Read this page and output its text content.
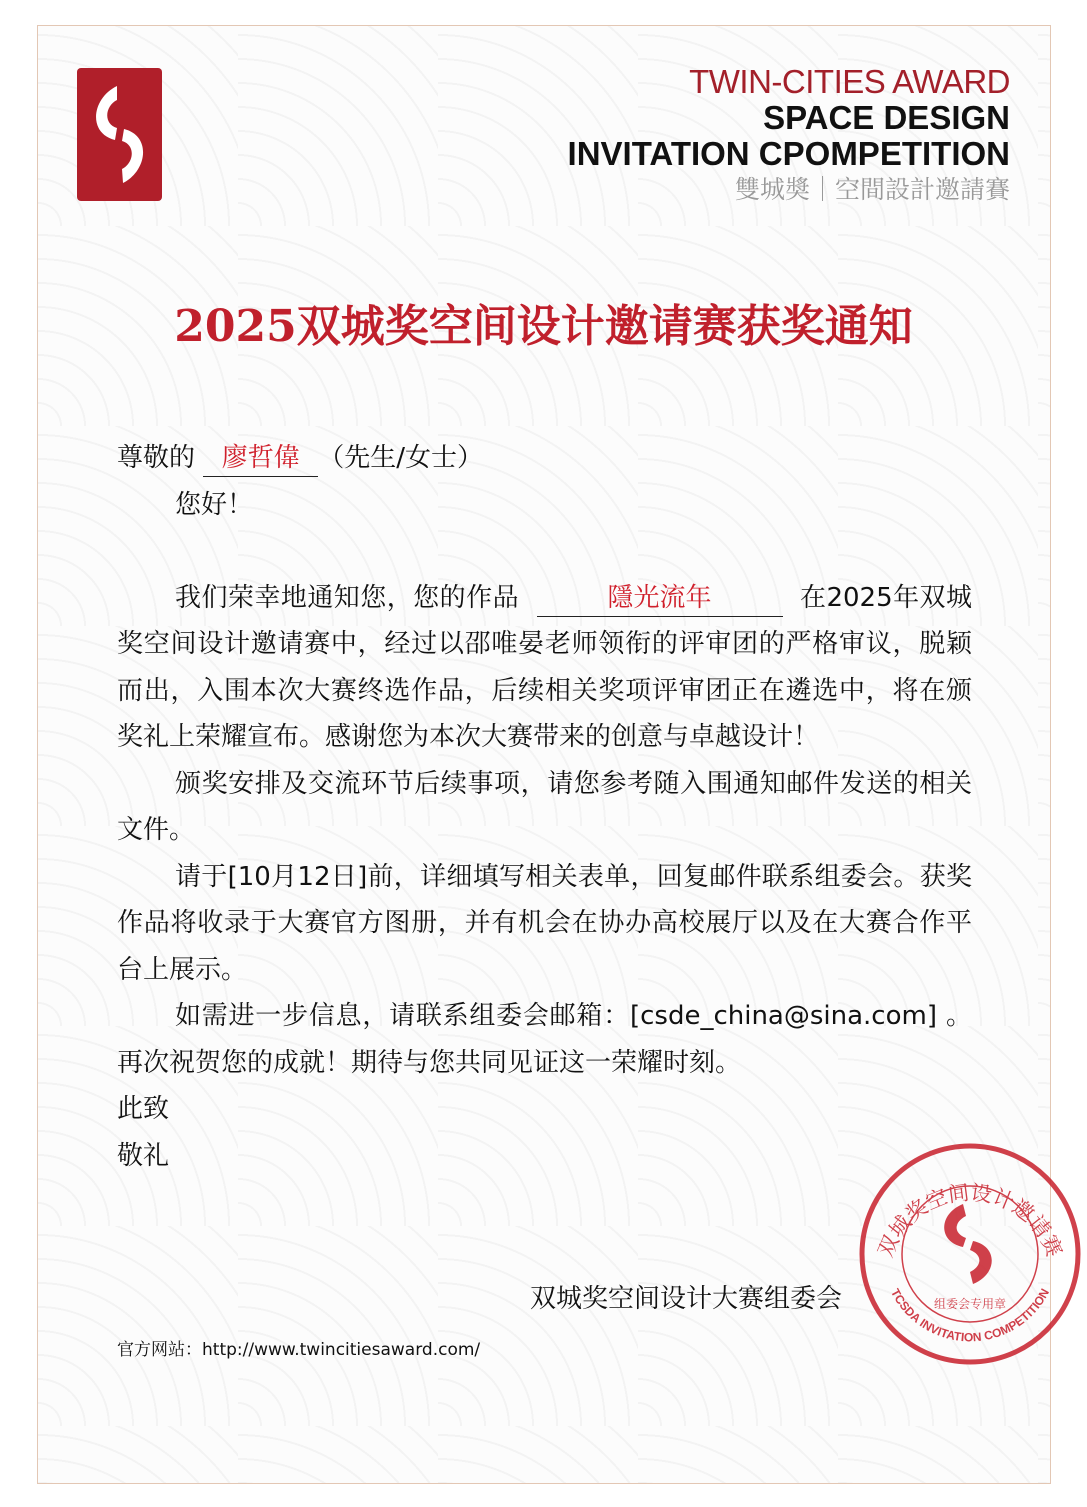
TWIN-CITIES AWARD
SPACE DESIGN
INVITATION CPOMPETITION
雙城奬｜空間設計邀請賽
2025双城奖空间设计邀请赛获奖通知

尊敬的 廖哲偉 （先生/女士）

您好！

我们荣幸地通知您，您的作品	隱光流年	在2025年双城奖空间设计邀请赛中，经过以邵唯晏老师领衔的评审团的严格审议，脱颖而出，入围本次大赛终选作品，后续相关奖项评审团正在遴选中，将在颁奖礼上荣耀宣布。感谢您为本次大赛带来的创意与卓越设计！

颁奖安排及交流环节后续事项，请您参考随入围通知邮件发送的相关文件。

请于[10月12日]前，详细填写相关表单，回复邮件联系组委会。获奖作品将收录于大赛官方图册，并有机会在协办高校展厅以及在大赛合作平台上展示。

如需进一步信息，请联系组委会邮箱：[csde_china@sina.com] 。再次祝贺您的成就！期待与您共同见证这一荣耀时刻。

此致

敬礼

双城奖空间设计大赛组委会
官方网站：http://www.twincitiesaward.com/
双城奖空间设计邀请赛
TCSDA INVITATION COMPETITION
组委会专用章
